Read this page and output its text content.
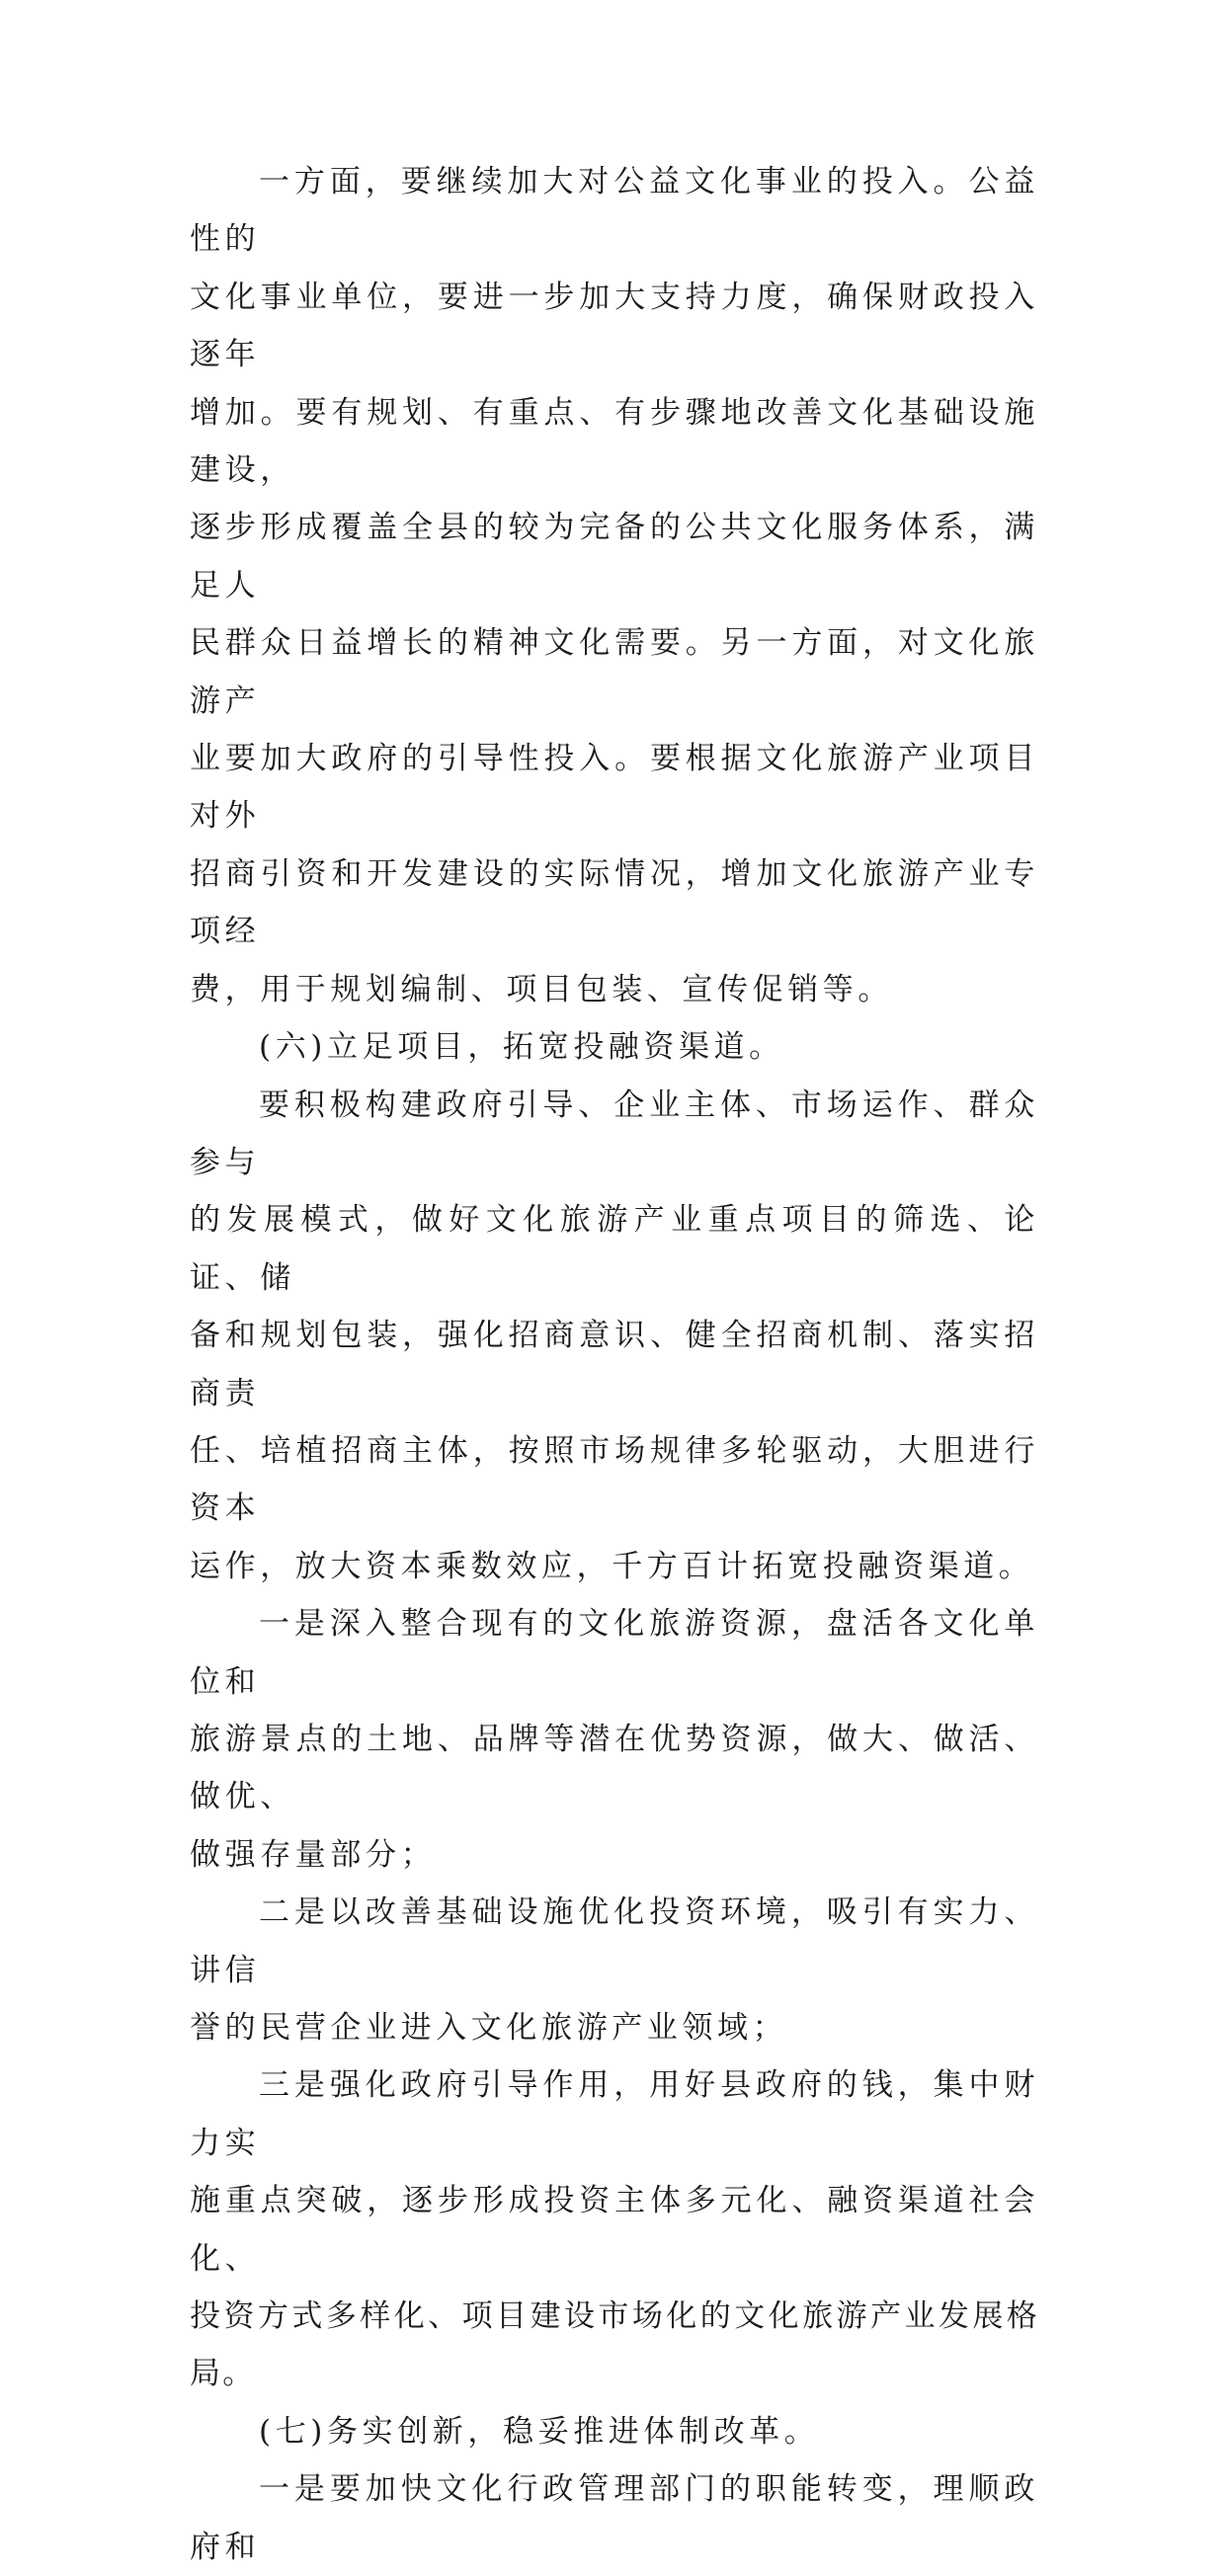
一方面，要继续加大对公益文化事业的投入。公益性的
文化事业单位，要进一步加大支持力度，确保财政投入逐年
增加。要有规划、有重点、有步骤地改善文化基础设施建设，
逐步形成覆盖全县的较为完备的公共文化服务体系，满足人
民群众日益增长的精神文化需要。另一方面，对文化旅游产
业要加大政府的引导性投入。要根据文化旅游产业项目对外
招商引资和开发建设的实际情况，增加文化旅游产业专项经
费，用于规划编制、项目包装、宣传促销等。

(六)立足项目，拓宽投融资渠道。

要积极构建政府引导、企业主体、市场运作、群众参与
的发展模式，做好文化旅游产业重点项目的筛选、论证、储
备和规划包装，强化招商意识、健全招商机制、落实招商责
任、培植招商主体，按照市场规律多轮驱动，大胆进行资本
运作，放大资本乘数效应，千方百计拓宽投融资渠道。

一是深入整合现有的文化旅游资源，盘活各文化单位和
旅游景点的土地、品牌等潜在优势资源，做大、做活、做优、
做强存量部分；

二是以改善基础设施优化投资环境，吸引有实力、讲信
誉的民营企业进入文化旅游产业领域；

三是强化政府引导作用，用好县政府的钱，集中财力实
施重点突破，逐步形成投资主体多元化、融资渠道社会化、
投资方式多样化、项目建设市场化的文化旅游产业发展格局。

(七)务实创新，稳妥推进体制改革。

一是要加快文化行政管理部门的职能转变，理顺政府和
